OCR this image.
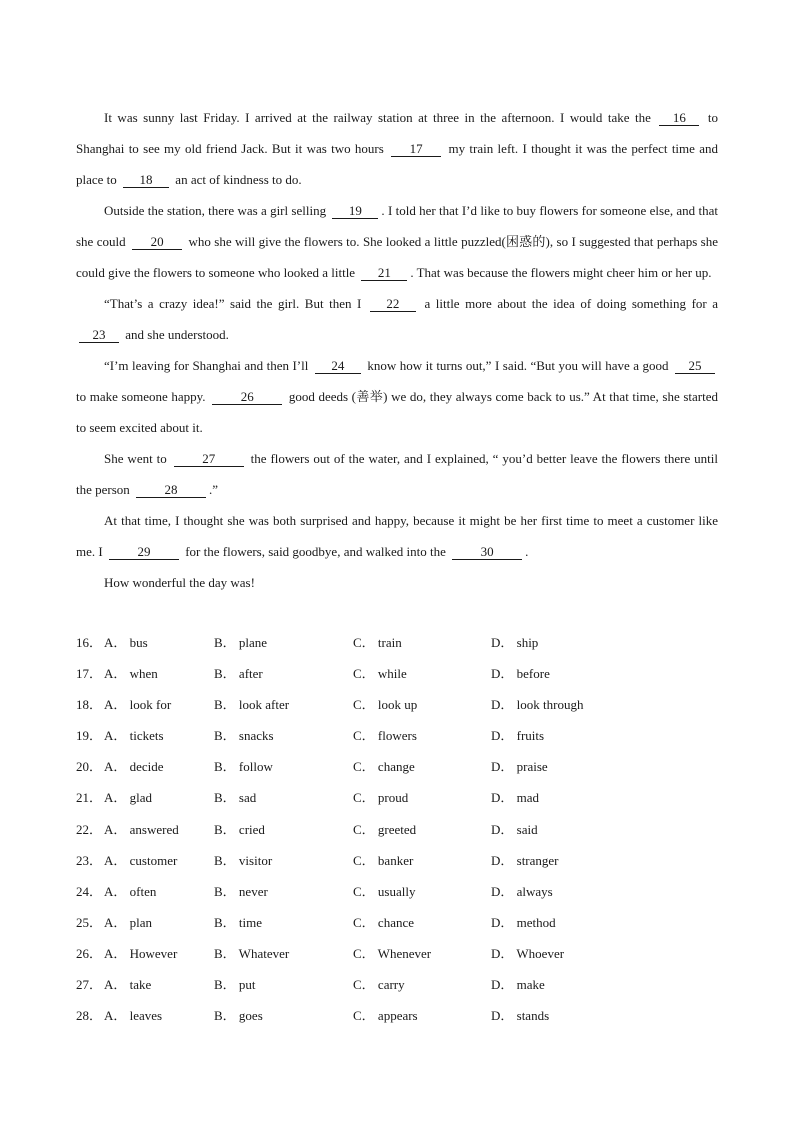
It was sunny last Friday. I arrived at the railway station at three in the afternoon. I would take the 16 to Shanghai to see my old friend Jack. But it was two hours 17 my train left. I thought it was the perfect time and place to 18 an act of kindness to do.

Outside the station, there was a girl selling 19 . I told her that I’d like to buy flowers for someone else, and that she could 20 who she will give the flowers to. She looked a little puzzled(困惑的), so I suggested that perhaps she could give the flowers to someone who looked a little 21 . That was because the flowers might cheer him or her up.

“That’s a crazy idea!” said the girl. But then I 22 a little more about the idea of doing something for a 23 and she understood.

“I’m leaving for Shanghai and then I’ll 24 know how it turns out,” I said. “But you will have a good 25 to make someone happy.	26	good deeds (善举) we do, they always come back to us.” At that time, she started to seem excited about it.

She went to	27	the flowers out of the water, and I explained, “ you’d better leave the flowers there until the person	28 .”

At that time, I thought she was both surprised and happy, because it might be her first time to meet a customer like me. I	29	for the flowers, said goodbye, and walked into the	30 .

How wonderful the day was!

16． A． bus	B． plane	C． train	D． ship
17． A． when	B． after	C． while	D． before
18． A． look for	B． look after	C． look up	D． look through
19． A． tickets	B． snacks	C． flowers	D． fruits
20． A． decide	B． follow	C． change	D． praise
21． A． glad	B． sad	C． proud	D． mad
22． A． answered	B． cried	C． greeted	D． said
23． A． customer	B． visitor	C． banker	D． stranger
24． A． often	B． never	C． usually	D． always
25． A． plan	B． time	C． chance	D． method
26． A． However	B． Whatever	C． Whenever	D． Whoever
27． A． take	B． put	C． carry	D． make
28． A． leaves	B． goes	C． appears	D． stands
